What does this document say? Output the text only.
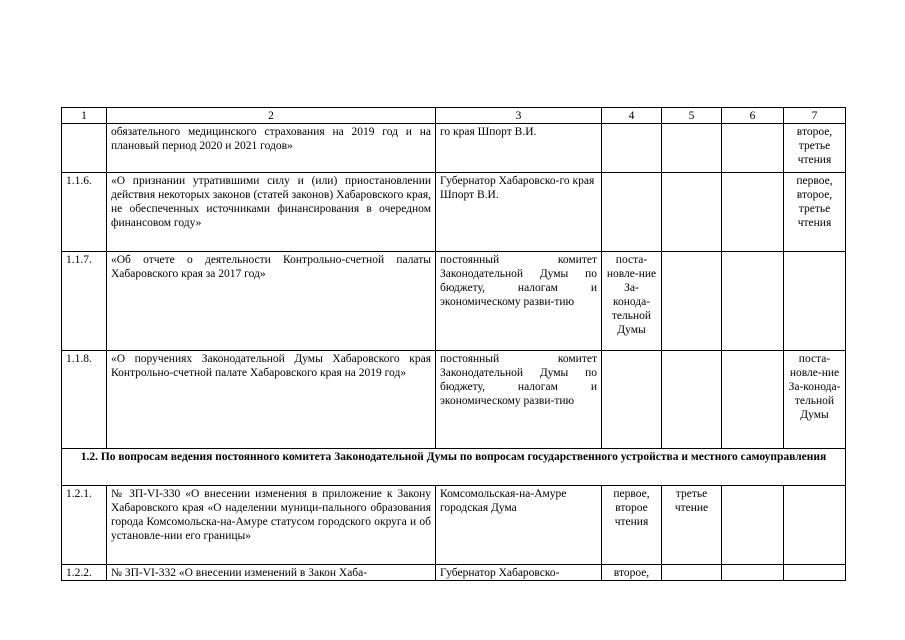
1	2	3	4	5	6	7
	обязательного медицинского страхования на 2019 год и на плановый период 2020 и 2021 годов»	го края Шпорт В.И.				второе, третье чтения
1.1.6.	«О признании утратившими силу и (или) приостановлении действия некоторых законов (статей законов) Хабаровского края, не обеспеченных источниками финансирования в очередном финансовом году»	Губернатор Хабаровско-го края Шпорт В.И.				первое, второе, третье чтения
1.1.7.	«Об отчете о деятельности Контрольно-счетной палаты Хабаровского края за 2017 год»	постоянный комитет Законодательной Думы по бюджету, налогам и экономическому разви-тию	поста-новле-ние За-конода-тельной Думы			
1.1.8.	«О поручениях Законодательной Думы Хабаровского края Контрольно-счетной палате Хабаровского края на 2019 год»	постоянный комитет Законодательной Думы по бюджету, налогам и экономическому разви-тию				поста-новле-ние За-конода-тельной Думы
1.2. По вопросам ведения постоянного комитета Законодательной Думы по вопросам государственного устройства и местного самоуправления						
1.2.1.	№ ЗП-VI-330 «О внесении изменения в приложение к Закону Хабаровского края «О наделении муници-пального образования города Комсомольска-на-Амуре статусом городского округа и об установле-нии его границы»	Комсомольская-на-Амуре городская Дума	первое, второе чтения	третье чтение		
1.2.2.	№ ЗП-VI-332 «О внесении изменений в Закон Хаба-	Губернатор Хабаровско-	второе,			
